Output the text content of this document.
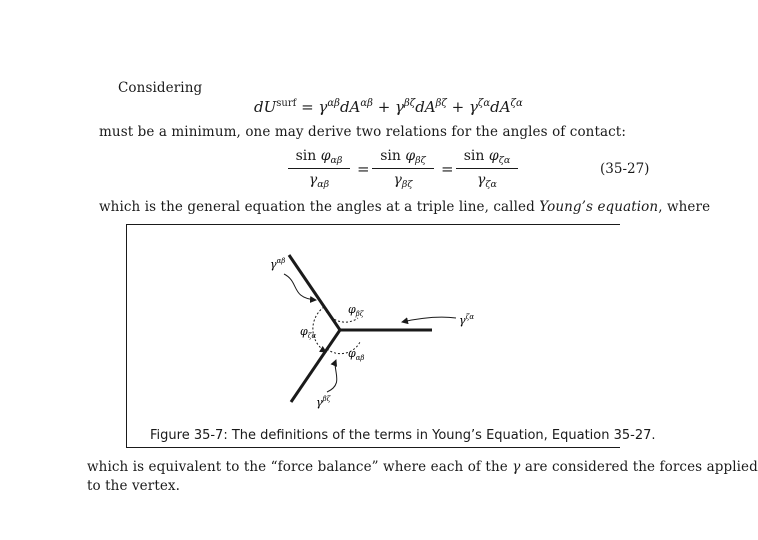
Considering
$dU^{surf} = \gamma^{\alpha\beta}dA^{\alpha\beta} + \gamma^{\beta\zeta}dA^{\beta\zeta} + \gamma^{\zeta\alpha}dA^{\zeta\alpha}$
must be a minimum, one may derive two relations for the angles of contact:
$\sin \varphi_{\alpha\beta}$
$\gamma_{\alpha\beta}$
=
$\sin \varphi_{\beta\zeta}$
$\gamma_{\beta\zeta}$
=
$\sin \varphi_{\zeta\alpha}$
$\gamma_{\zeta\alpha}$
(35-27)
which is the general equation the angles at a triple line, called Young’s equation, where
$\gamma^{\alpha\beta}$
$\gamma^{\zeta\alpha}$
$\gamma^{\beta\zeta}$
$\varphi_{\beta\zeta}$
$\varphi_{\zeta\alpha}$
$\varphi_{\alpha\beta}$
Figure 35-7: The definitions of the terms in Young’s Equation, Equation 35-27.
which is equivalent to the “force balance” where each of the γ are considered the forces applied
to the vertex.
